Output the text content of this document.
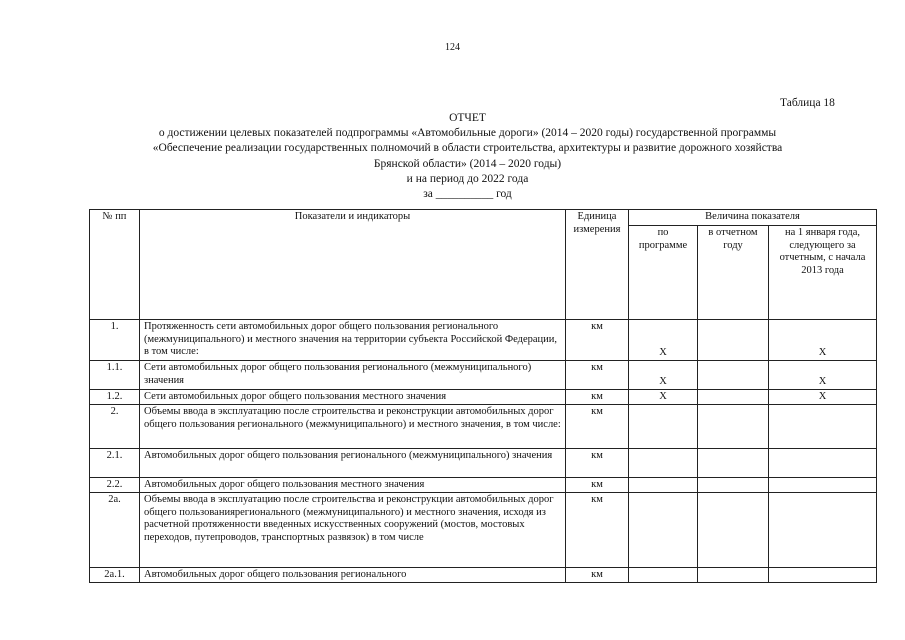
124
Таблица 18
ОТЧЕТ
о достижении целевых показателей подпрограммы «Автомобильные дороги» (2014 – 2020 годы) государственной программы
«Обеспечение реализации государственных полномочий в области строительства, архитектуры и развитие дорожного хозяйства
Брянской области» (2014 – 2020 годы)
и на период до 2022 года
за __________ год
№ пп	Показатели и индикаторы	Единица измерения	Величина показателя		
			по программе	в отчетном году	на 1 января года, следующего за отчетным, с начала 2013 года
1.	Протяженность сети автомобильных дорог общего пользования регионального (межмуниципального) и местного значения на территории субъекта Российской Федерации, в том числе:	км	Х		Х
1.1.	Сети автомобильных дорог общего пользования регионального (межмуниципального) значения	км	Х		Х
1.2.	Сети автомобильных дорог общего пользования местного значения	км	Х		Х
2.	Объемы ввода в эксплуатацию после строительства и реконструкции автомобильных дорог общего пользования регионального (межмуниципального) и местного значения, в том числе:	км			
2.1.	Автомобильных дорог общего пользования регионального (межмуниципального) значения	км			
2.2.	Автомобильных дорог общего пользования местного значения	км			
2а.	Объемы ввода в эксплуатацию после строительства и реконструкции автомобильных дорог общего пользованиярегионального (межмуниципального) и местного значения, исходя из расчетной протяженности введенных искусственных сооружений (мостов, мостовых переходов, путепроводов, транспортных развязок) в том числе	км			
2а.1.	Автомобильных дорог общего пользования регионального	км			
